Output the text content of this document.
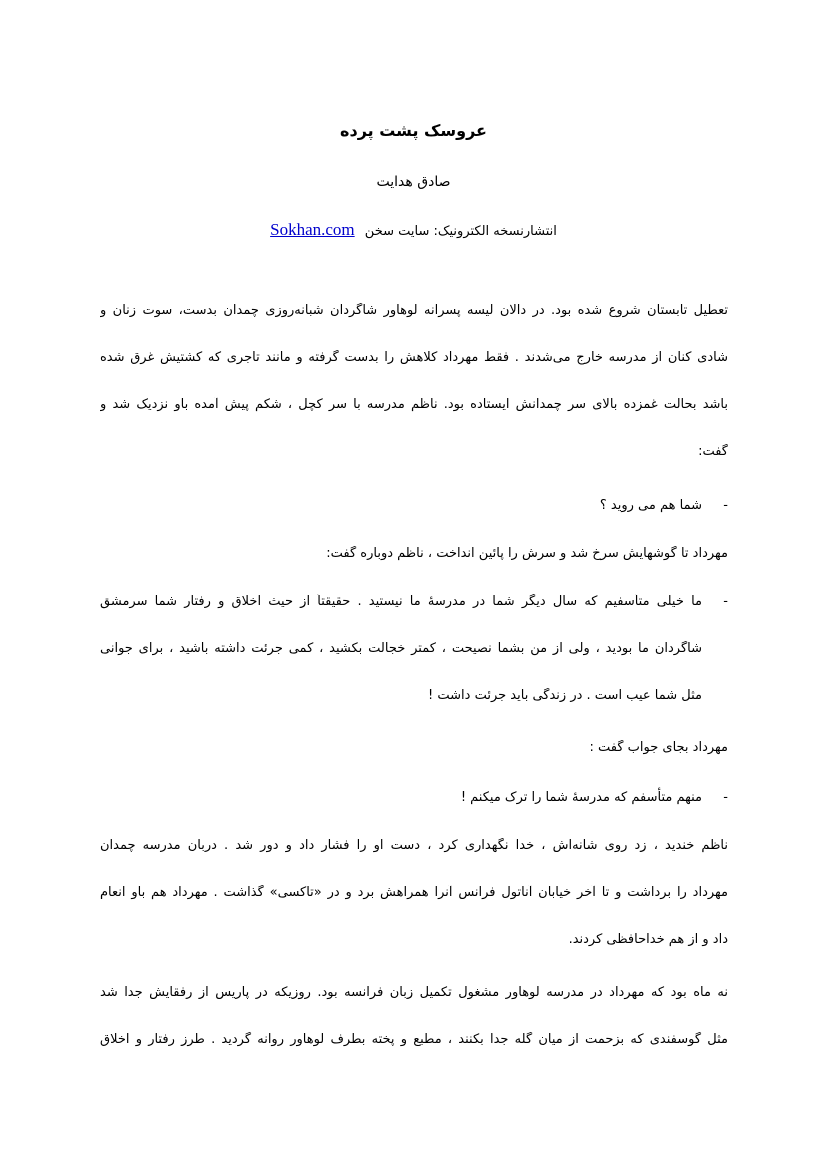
عروسک پشت پرده
صادق هدایت
انتشارنسخه الکترونیک: سایت سخن Sokhan.com
تعطیل تابستان شروع شده بود. در دالان لیسه پسرانه لوهاور شاگردان شبانه‌روزی چمدان بدست، سوت زنان و
شادی کنان از مدرسه خارج می‌شدند . فقط مهرداد کلاهش را بدست گرفته و مانند تاجری که کشتیش غرق شده
باشد بحالت غمزده بالای سر چمدانش ایستاده بود. ناظم مدرسه با سر کچل ، شکم پیش آمده باو نزدیک شد و
گفت:
-
شما هم می روید ؟
مهرداد تا گوشهایش سرخ شد و سرش را پائین انداخت ، ناظم دوباره گفت:
-
ما خیلی متأسفیم که سال دیگر شما در مدرسهٔ ما نیستید . حقیقتاً از حیث اخلاق و رفتار شما سرمشق
شاگردان ما بودید ، ولی از من بشما نصیحت ، کمتر خجالت بکشید ، کمی جرئت داشته باشید ، برای جوانی
مثل شما عیب است . در زندگی باید جرئت داشت !
مهرداد بجای جواب گفت :
-
منهم متأسفم که مدرسهٔ شما را ترک میکنم !
ناظم خندید ، زد روی شانه‌اش ، خدا نگهداری کرد ، دست او را فشار داد و دور شد . دربان مدرسه چمدان
مهرداد را برداشت و تا آخر خیابان آناتول فرانس آنرا همراهش برد و در «تاکسی» گذاشت . مهرداد هم باو انعام
داد و از هم خداحافظی کردند.
نه ماه بود که مهرداد در مدرسه لوهاور مشغول تکمیل زبان فرانسه بود. روزیکه در پاریس از رفقایش جدا شد
مثل گوسفندی که بزحمت از میان گله جدا بکنند ، مطبع و پخته بطرف لوهاور روانه گردید . طرز رفتار و اخلاق
